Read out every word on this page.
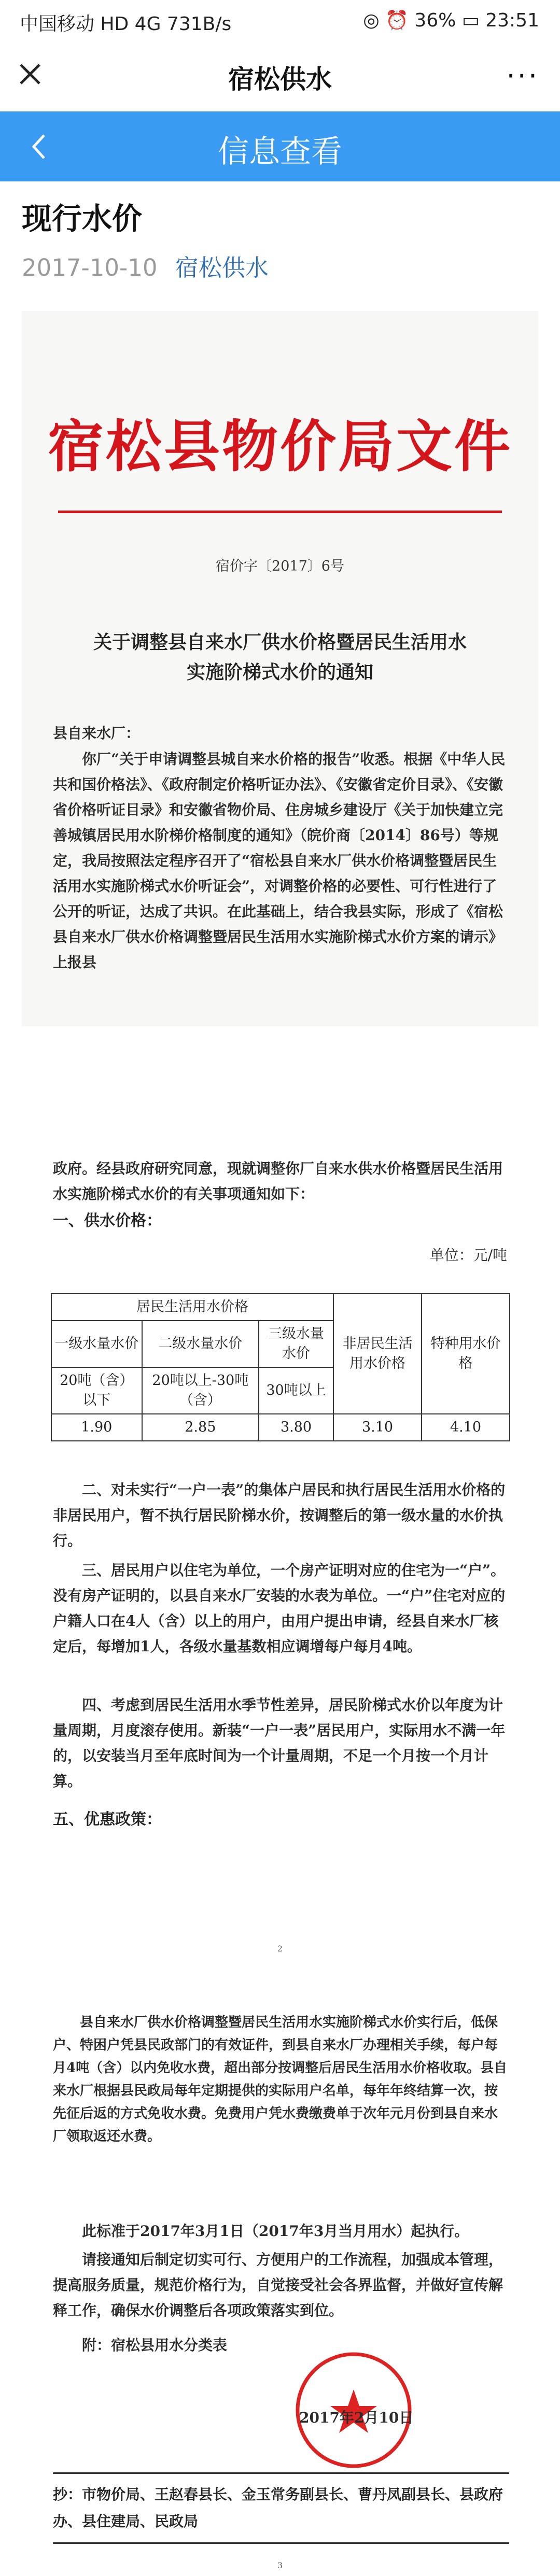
中国移动 HD 4G 731B/s	◎ ⏰ 36% ▭ 23:51
宿松供水	···
信息查看
现行水价
2017-10-10 宿松供水
宿松县物价局文件
宿价字〔2017〕6号
关于调整县自来水厂供水价格暨居民生活用水
实施阶梯式水价的通知
县自来水厂：
你厂“关于申请调整县城自来水价格的报告”收悉。根据《中华人民共和国价格法》、《政府制定价格听证办法》、《安徽省定价目录》、《安徽省价格听证目录》和安徽省物价局、住房城乡建设厅《关于加快建立完善城镇居民用水阶梯价格制度的通知》（皖价商〔2014〕86号）等规定，我局按照法定程序召开了“宿松县自来水厂供水价格调整暨居民生活用水实施阶梯式水价听证会”，对调整价格的必要性、可行性进行了公开的听证，达成了共识。在此基础上，结合我县实际，形成了《宿松县自来水厂供水价格调整暨居民生活用水实施阶梯式水价方案的请示》上报县
政府。经县政府研究同意，现就调整你厂自来水供水价格暨居民生活用水实施阶梯式水价的有关事项通知如下：
一、供水价格：
单位：元/吨
居民生活用水价格			非居民生活用水价格	特种用水价格
一级水量水价	二级水量水价	三级水量水价		
20吨（含）以下	20吨以上-30吨（含）	30吨以上		
1.90	2.85	3.80	3.10	4.10
二、对未实行“一户一表”的集体户居民和执行居民生活用水价格的非居民用户，暂不执行居民阶梯水价，按调整后的第一级水量的水价执行。
三、居民用户以住宅为单位，一个房产证明对应的住宅为一“户”。没有房产证明的，以县自来水厂安装的水表为单位。一“户”住宅对应的户籍人口在4人（含）以上的用户，由用户提出申请，经县自来水厂核定后，每增加1人，各级水量基数相应调增每户每月4吨。
四、考虑到居民生活用水季节性差异，居民阶梯式水价以年度为计量周期，月度滚存使用。新装“一户一表”居民用户，实际用水不满一年的，以安装当月至年底时间为一个计量周期，不足一个月按一个月计算。
五、优惠政策：
2
县自来水厂供水价格调整暨居民生活用水实施阶梯式水价实行后，低保户、特困户凭县民政部门的有效证件，到县自来水厂办理相关手续，每户每月4吨（含）以内免收水费，超出部分按调整后居民生活用水价格收取。县自来水厂根据县民政局每年定期提供的实际用户名单，每年年终结算一次，按先征后返的方式免收水费。免费用户凭水费缴费单于次年元月份到县自来水厂领取返还水费。
此标准于2017年3月1日（2017年3月当月用水）起执行。
请接通知后制定切实可行、方便用户的工作流程，加强成本管理，提高服务质量，规范价格行为，自觉接受社会各界监督，并做好宣传解释工作，确保水价调整后各项政策落实到位。
附：宿松县用水分类表
2017年2月10日
抄：市物价局、王赵春县长、金玉常务副县长、曹丹凤副县长、县政府办、县住建局、民政局
3
